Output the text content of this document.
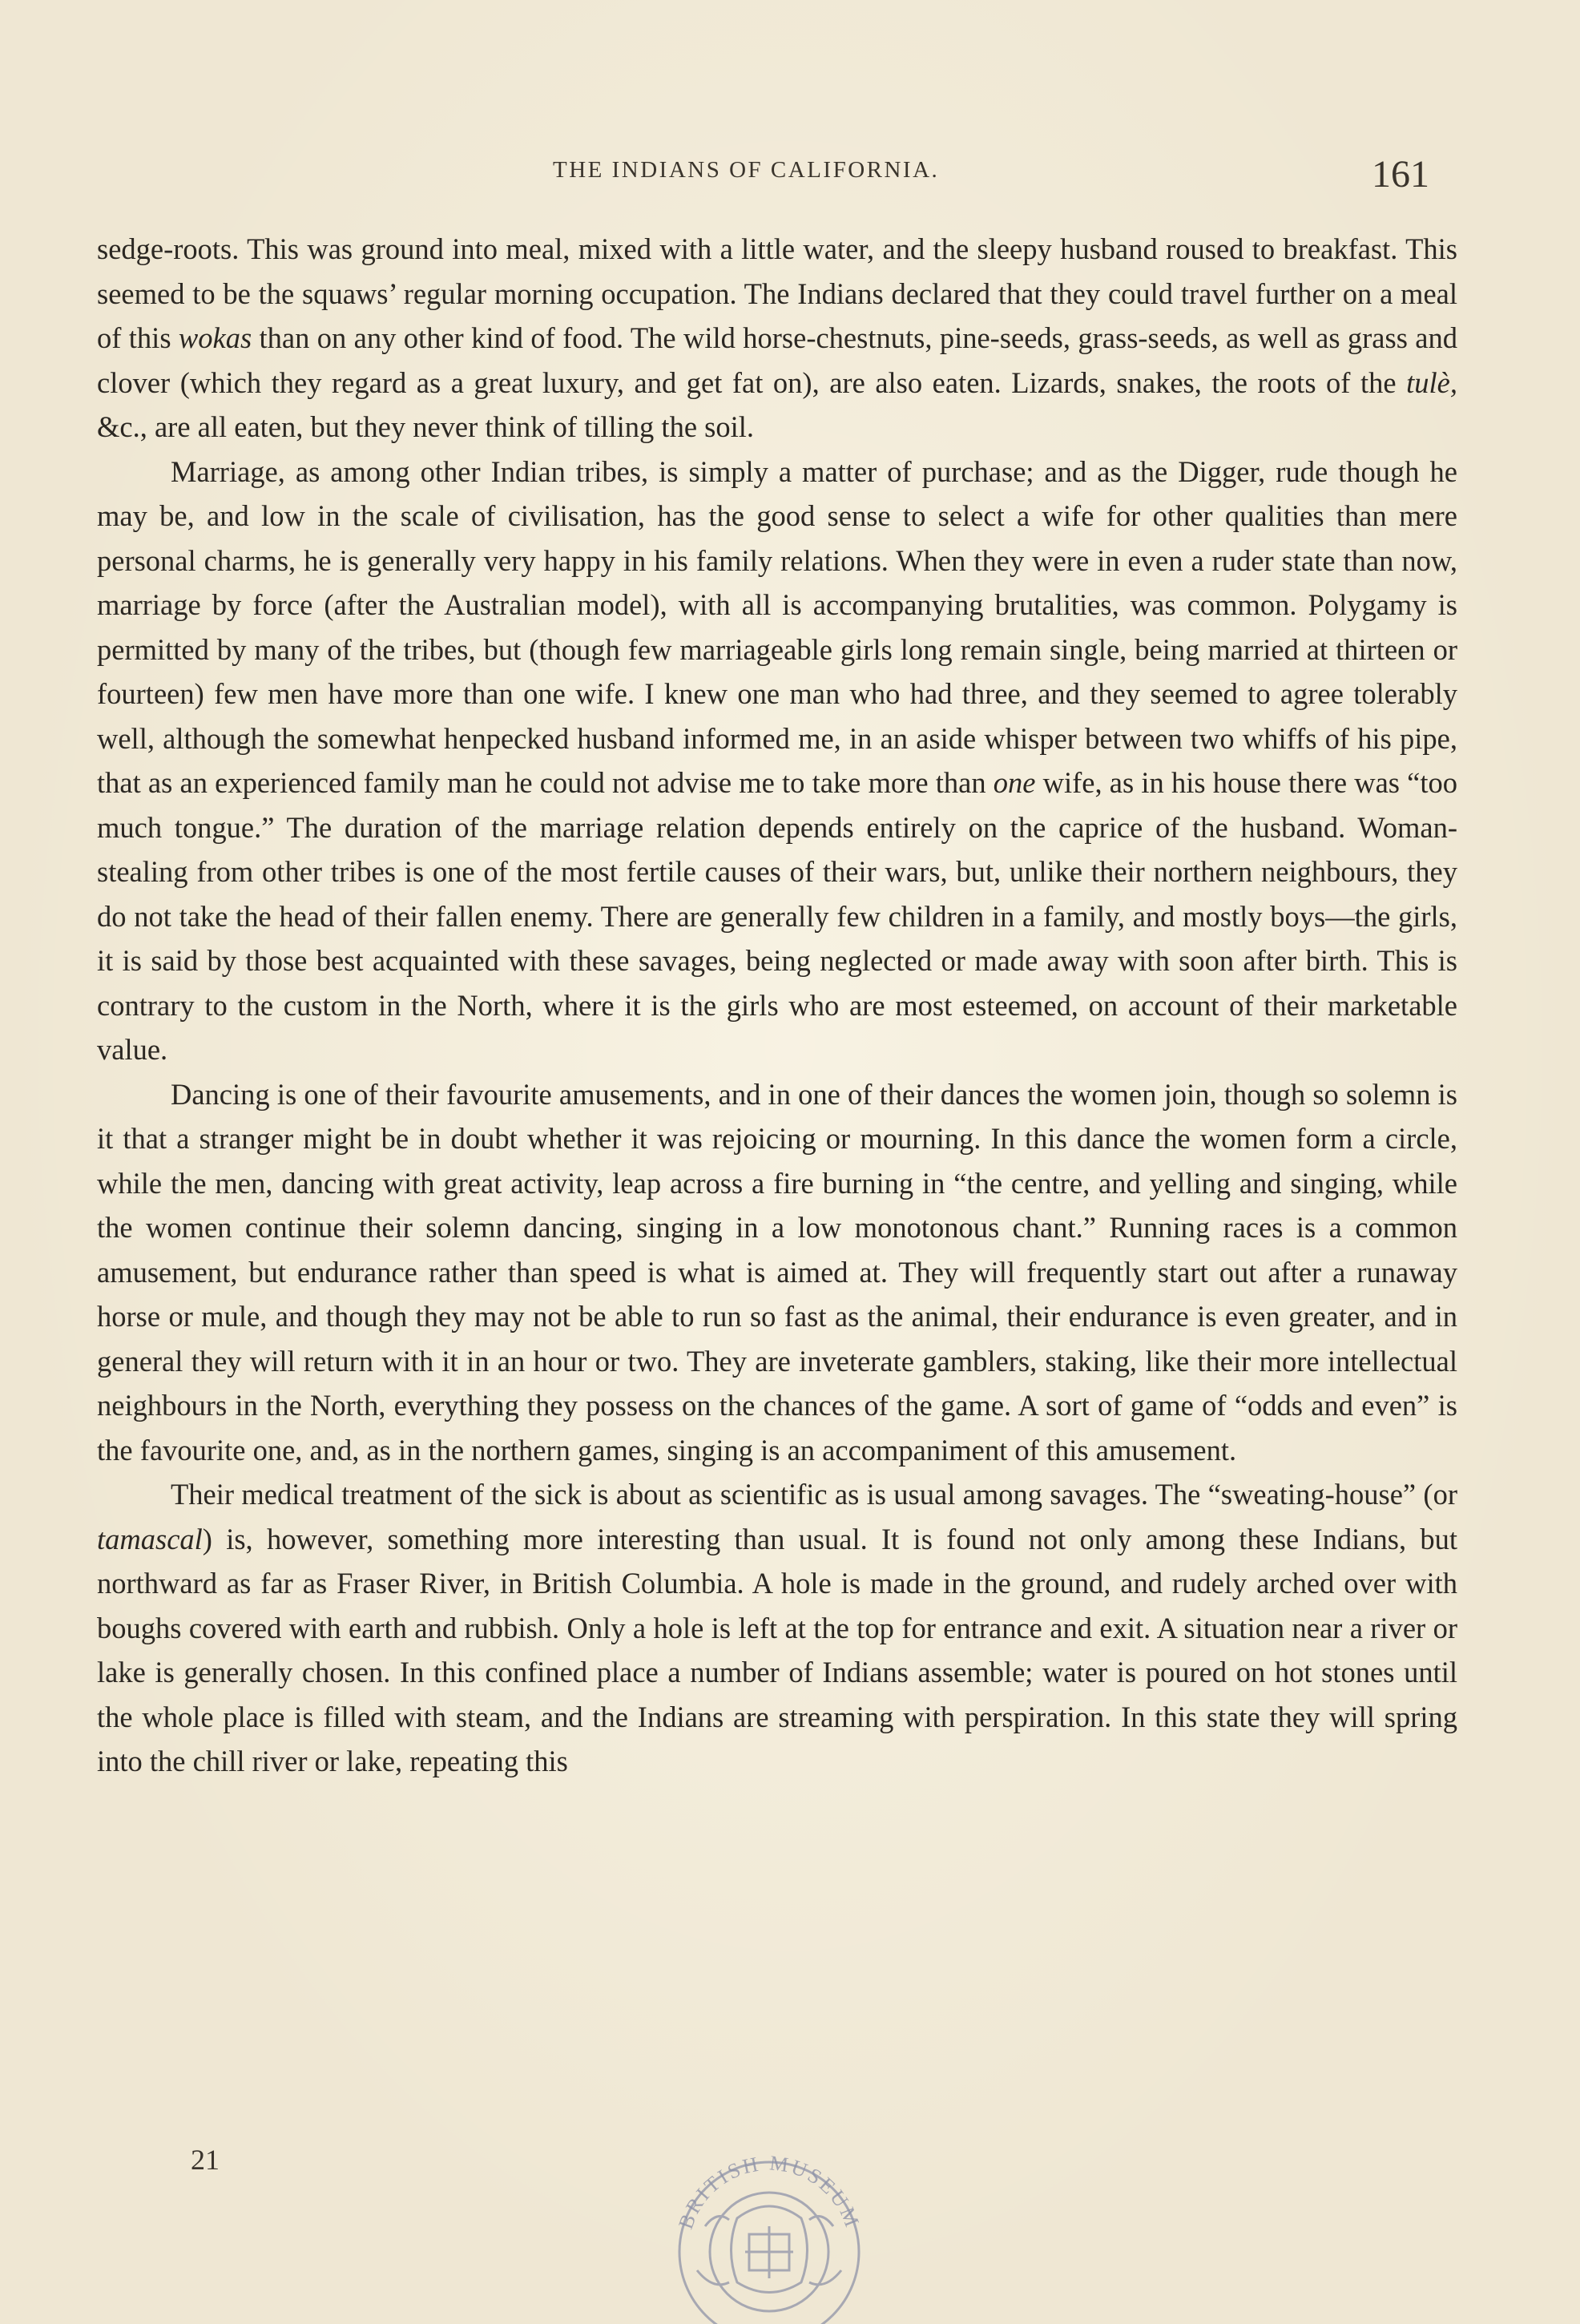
THE INDIANS OF CALIFORNIA.	161

sedge-roots. This was ground into meal, mixed with a little water, and the sleepy husband roused to breakfast. This seemed to be the squaws’ regular morning occupation. The Indians declared that they could travel further on a meal of this wokas than on any other kind of food. The wild horse-chestnuts, pine-seeds, grass-seeds, as well as grass and clover (which they regard as a great luxury, and get fat on), are also eaten. Lizards, snakes, the roots of the tulè, &c., are all eaten, but they never think of tilling the soil.

Marriage, as among other Indian tribes, is simply a matter of purchase; and as the Digger, rude though he may be, and low in the scale of civilisation, has the good sense to select a wife for other qualities than mere personal charms, he is generally very happy in his family relations. When they were in even a ruder state than now, marriage by force (after the Australian model), with all is accompanying brutalities, was common. Polygamy is permitted by many of the tribes, but (though few marriageable girls long remain single, being married at thirteen or fourteen) few men have more than one wife. I knew one man who had three, and they seemed to agree tolerably well, although the somewhat henpecked husband informed me, in an aside whisper between two whiffs of his pipe, that as an experienced family man he could not advise me to take more than one wife, as in his house there was “too much tongue.” The duration of the marriage relation depends entirely on the caprice of the husband. Woman-stealing from other tribes is one of the most fertile causes of their wars, but, unlike their northern neighbours, they do not take the head of their fallen enemy. There are generally few children in a family, and mostly boys—the girls, it is said by those best acquainted with these savages, being neglected or made away with soon after birth. This is contrary to the custom in the North, where it is the girls who are most esteemed, on account of their marketable value.

Dancing is one of their favourite amusements, and in one of their dances the women join, though so solemn is it that a stranger might be in doubt whether it was rejoicing or mourning. In this dance the women form a circle, while the men, dancing with great activity, leap across a fire burning in “the centre, and yelling and singing, while the women continue their solemn dancing, singing in a low monotonous chant.” Running races is a common amusement, but endurance rather than speed is what is aimed at. They will frequently start out after a runaway horse or mule, and though they may not be able to run so fast as the animal, their endurance is even greater, and in general they will return with it in an hour or two. They are inveterate gamblers, staking, like their more intellectual neighbours in the North, everything they possess on the chances of the game. A sort of game of “odds and even” is the favourite one, and, as in the northern games, singing is an accompaniment of this amusement.

Their medical treatment of the sick is about as scientific as is usual among savages. The “sweating-house” (or tamascal) is, however, something more interesting than usual. It is found not only among these Indians, but northward as far as Fraser River, in British Columbia. A hole is made in the ground, and rudely arched over with boughs covered with earth and rubbish. Only a hole is left at the top for entrance and exit. A situation near a river or lake is generally chosen. In this confined place a number of Indians assemble; water is poured on hot stones until the whole place is filled with steam, and the Indians are streaming with perspiration. In this state they will spring into the chill river or lake, repeating this

21
BRITISH MUSEUM
